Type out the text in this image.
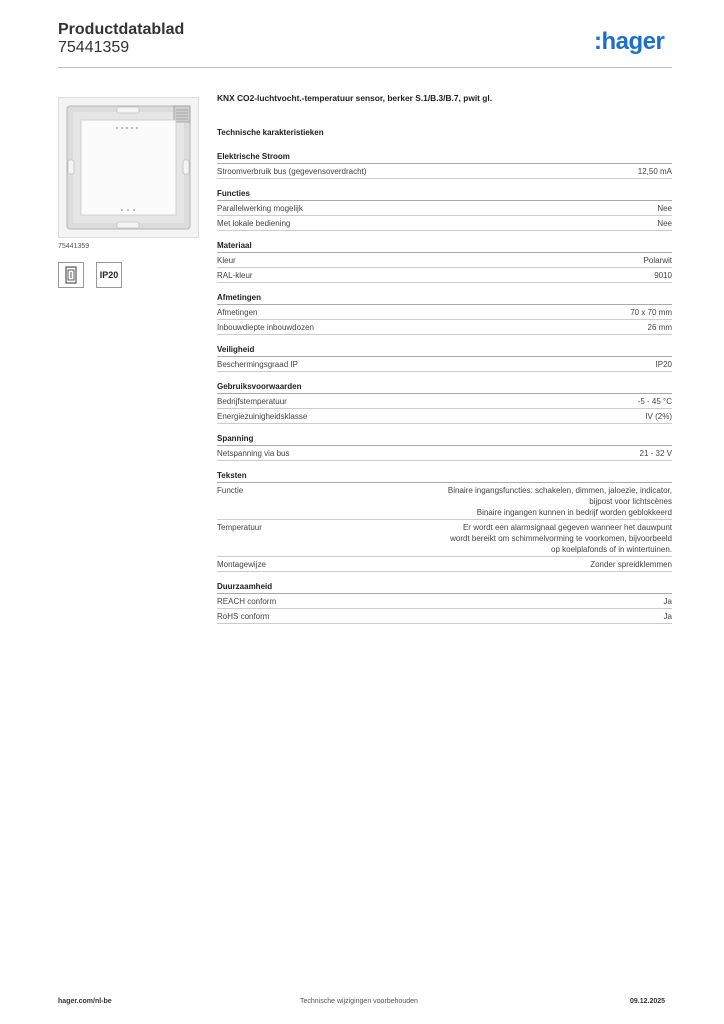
Productdatablad
75441359	:hager
75441359
IP20
KNX CO2-luchtvocht.-temperatuur sensor, berker S.1/B.3/B.7, pwit gl.
Technische karakteristieken
Elektrische Stroom
Stroomverbruik bus (gegevensoverdracht)	12,50 mA
Functies
Parallelwerking mogelijk	Nee
Met lokale bediening	Nee
Materiaal
Kleur	Polarwit
RAL-kleur	9010
Afmetingen
Afmetingen	70 x 70 mm
Inbouwdiepte inbouwdozen	26 mm
Veiligheid
Beschermingsgraad IP	IP20
Gebruiksvoorwaarden
Bedrijfstemperatuur	-5 - 45 °C
Energiezuinigheidsklasse	IV (2%)
Spanning
Netspanning via bus	21 - 32 V
Teksten
Functie	Binaire ingangsfuncties: schakelen, dimmen, jaloezie, indicator,
bijpost voor lichtscènes
Binaire ingangen kunnen in bedrijf worden geblokkeerd
Temperatuur	Er wordt een alarmsignaal gegeven wanneer het dauwpunt
wordt bereikt om schimmelvorming te voorkomen, bijvoorbeeld
op koelplafonds of in wintertuinen.
Montagewijze	Zonder spreidklemmen
Duurzaamheid
REACH conform	Ja
RoHS conform	Ja
hager.com/nl-be	Technische wijzigingen voorbehouden	09.12.2025
